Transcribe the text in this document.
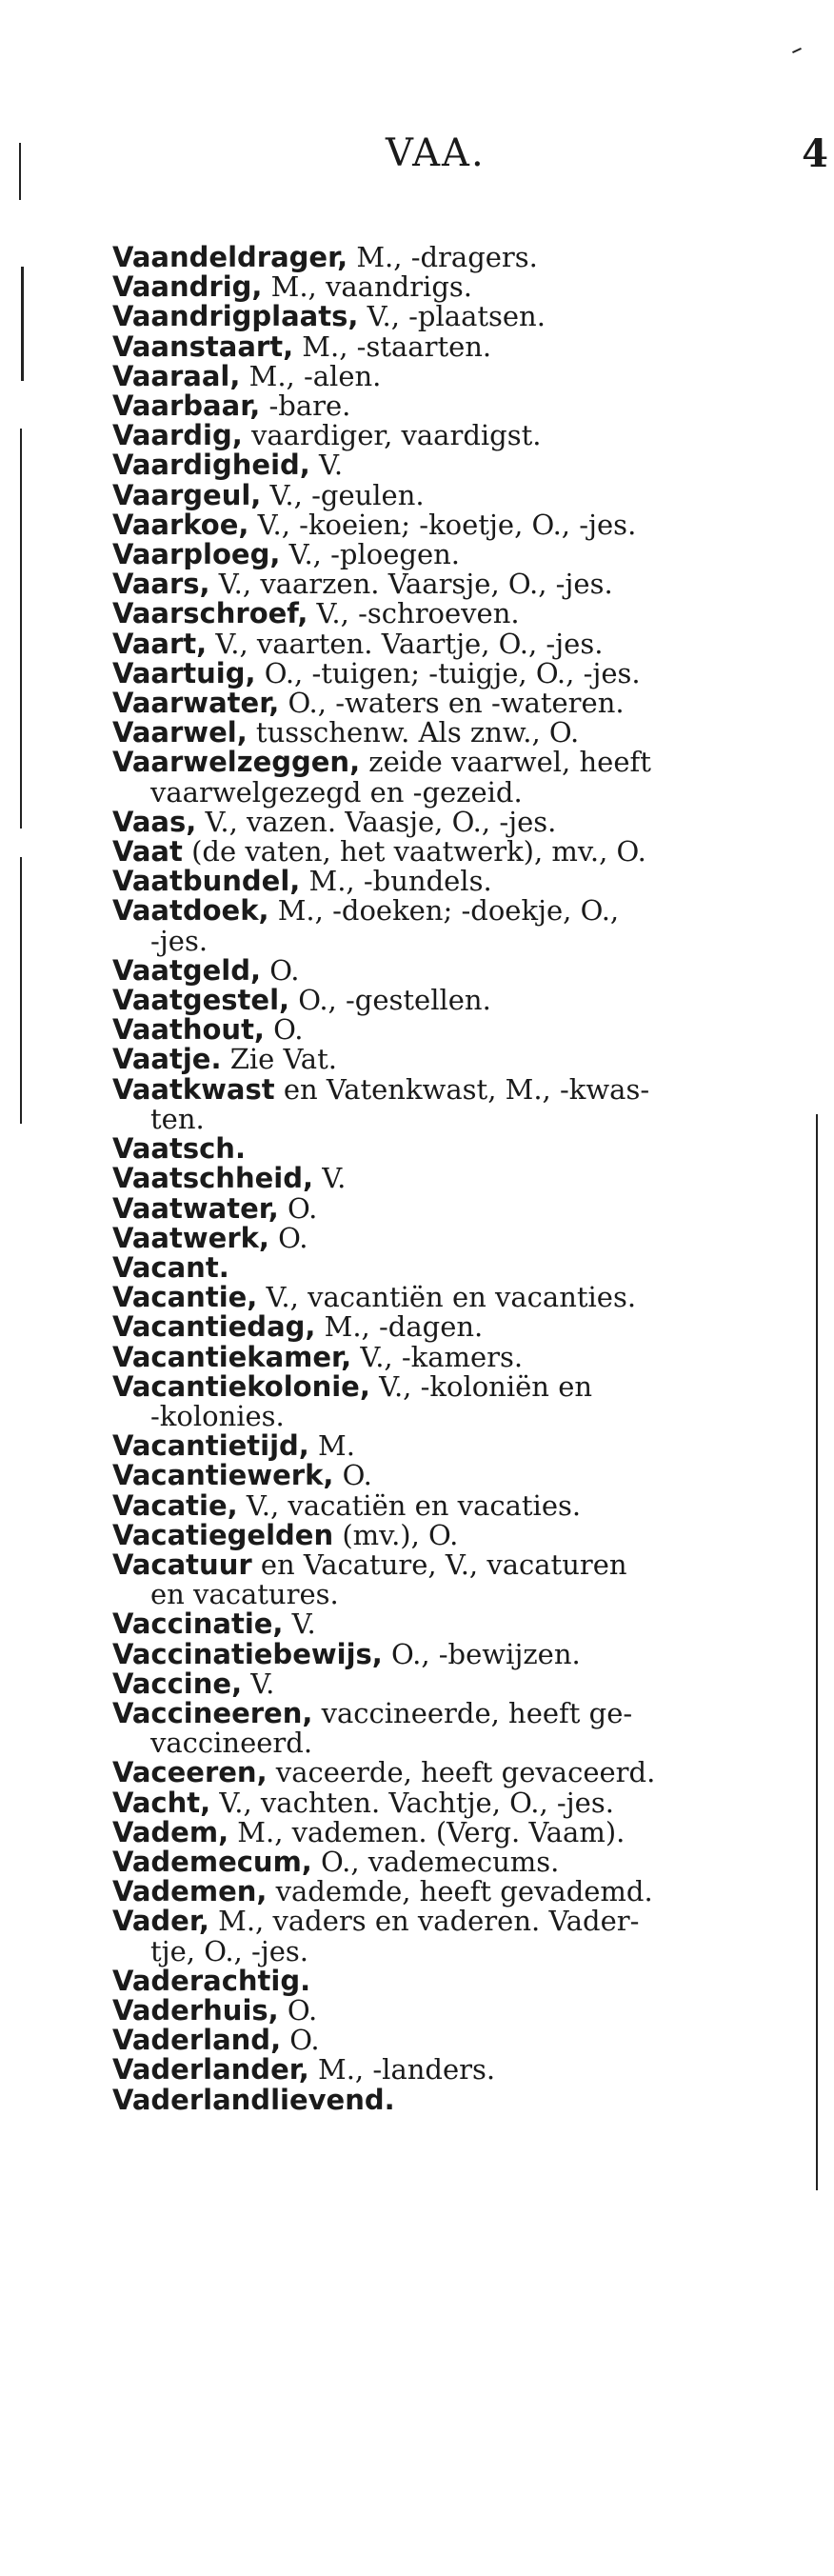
VAA.	4
Vaandeldrager, M., -dragers.
Vaandrig, M., vaandrigs.
Vaandrigplaats, V., -plaatsen.
Vaanstaart, M., -staarten.
Vaaraal, M., -alen.
Vaarbaar, -bare.
Vaardig, vaardiger, vaardigst.
Vaardigheid, V.
Vaargeul, V., -geulen.
Vaarkoe, V., -koeien; -koetje, O., -jes.
Vaarploeg, V., -ploegen.
Vaars, V., vaarzen. Vaarsje, O., -jes.
Vaarschroef, V., -schroeven.
Vaart, V., vaarten. Vaartje, O., -jes.
Vaartuig, O., -tuigen; -tuigje, O., -jes.
Vaarwater, O., -waters en -wateren.
Vaarwel, tusschenw. Als znw., O.
Vaarwelzeggen, zeide vaarwel, heeft
vaarwelgezegd en -gezeid.
Vaas, V., vazen. Vaasje, O., -jes.
Vaat (de vaten, het vaatwerk), mv., O.
Vaatbundel, M., -bundels.
Vaatdoek, M., -doeken; -doekje, O.,
-jes.
Vaatgeld, O.
Vaatgestel, O., -gestellen.
Vaathout, O.
Vaatje. Zie Vat.
Vaatkwast en Vatenkwast, M., -kwas-
ten.
Vaatsch.
Vaatschheid, V.
Vaatwater, O.
Vaatwerk, O.
Vacant.
Vacantie, V., vacantiën en vacanties.
Vacantiedag, M., -dagen.
Vacantiekamer, V., -kamers.
Vacantiekolonie, V., -koloniën en
-kolonies.
Vacantietijd, M.
Vacantiewerk, O.
Vacatie, V., vacatiën en vacaties.
Vacatiegelden (mv.), O.
Vacatuur en Vacature, V., vacaturen
en vacatures.
Vaccinatie, V.
Vaccinatiebewijs, O., -bewijzen.
Vaccine, V.
Vaccineeren, vaccineerde, heeft ge-
vaccineerd.
Vaceeren, vaceerde, heeft gevaceerd.
Vacht, V., vachten. Vachtje, O., -jes.
Vadem, M., vademen. (Verg. Vaam).
Vademecum, O., vademecums.
Vademen, vademde, heeft gevademd.
Vader, M., vaders en vaderen. Vader-
tje, O., -jes.
Vaderachtig.
Vaderhuis, O.
Vaderland, O.
Vaderlander, M., -landers.
Vaderlandlievend.
